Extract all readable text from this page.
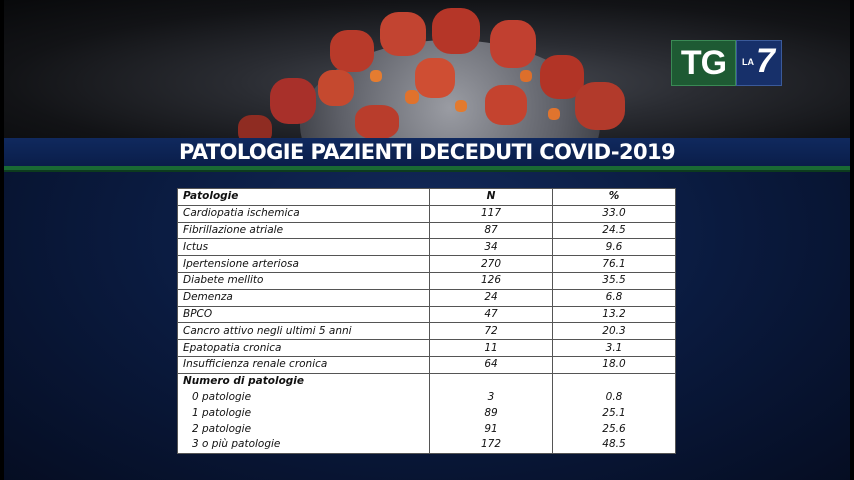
TG	LA 7
PATOLOGIE PAZIENTI DECEDUTI COVID-2019
Patologie	N	%
Cardiopatia ischemica	117	33.0
Fibrillazione atriale	87	24.5
Ictus	34	9.6
Ipertensione arteriosa	270	76.1
Diabete mellito	126	35.5
Demenza	24	6.8
BPCO	47	13.2
Cancro attivo negli ultimi 5 anni	72	20.3
Epatopatia cronica	11	3.1
Insufficienza renale cronica	64	18.0
Numero di patologie		
0 patologie	3	0.8
1 patologie	89	25.1
2 patologie	91	25.6
3 o più patologie	172	48.5
